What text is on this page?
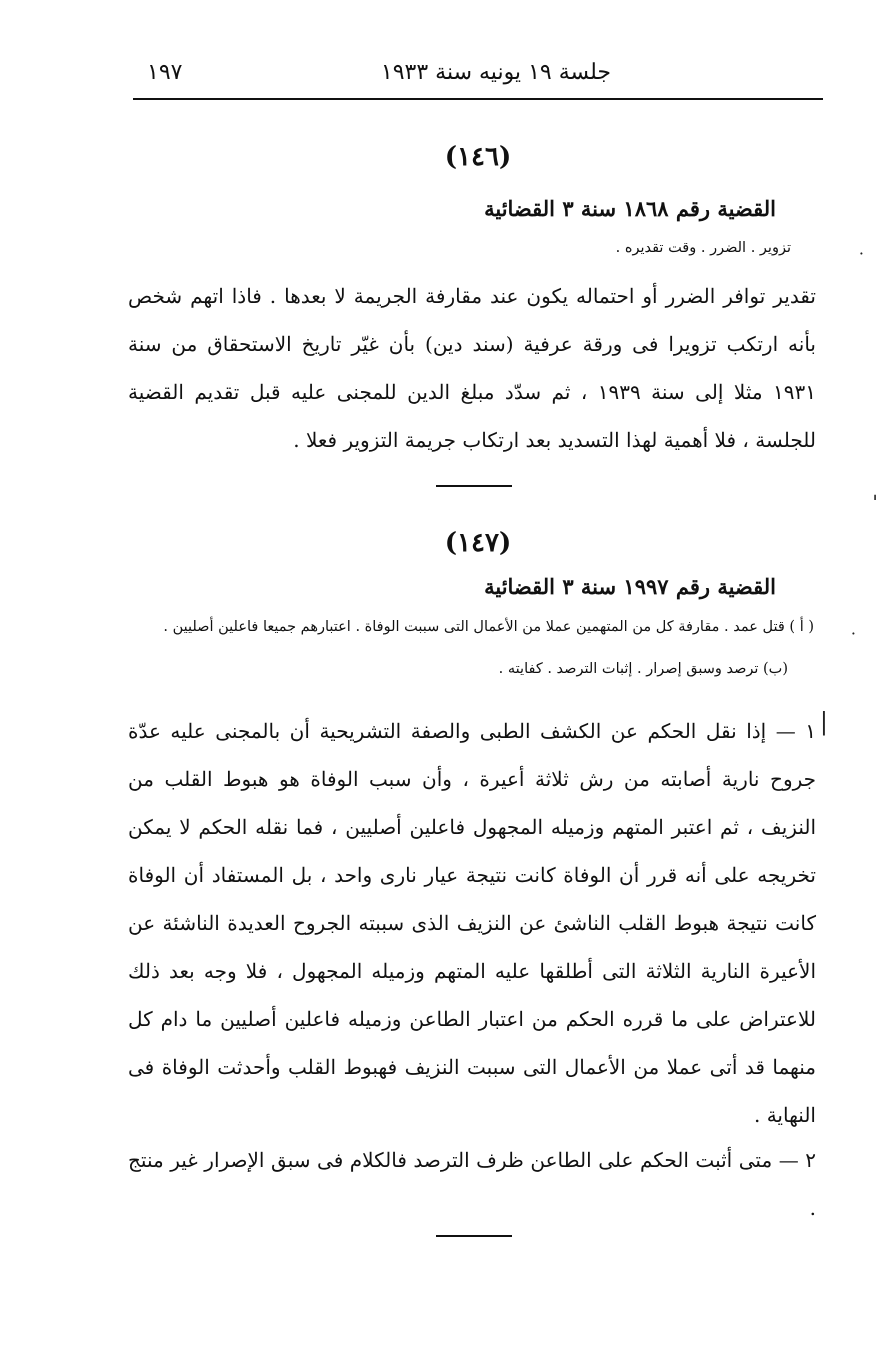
جلسة ١٩ يونيه سنة ١٩٣٣
١٩٧
(١٤٦)
القضية رقم ١٨٦٨ سنة ٣ القضائية
تزوير . الضرر . وقت تقديره .
تقدير توافر الضرر أو احتماله يكون عند مقارفة الجريمة لا بعدها . فاذا اتهم شخص بأنه ارتكب تزويرا فى ورقة عرفية (سند دين) بأن غيّر تاريخ الاستحقاق من سنة ١٩٣١ مثلا إلى سنة ١٩٣٩ ، ثم سدّد مبلغ الدين للمجنى عليه قبل تقديم القضية للجلسة ، فلا أهمية لهذا التسديد بعد ارتكاب جريمة التزوير فعلا .
(١٤٧)
القضية رقم ١٩٩٧ سنة ٣ القضائية
( أ ) قتل عمد . مقارفة كل من المتهمين عملا من الأعمال التى سببت الوفاة . اعتبارهم جميعا فاعلين أصليين .
(ب) ترصد وسبق إصرار . إثبات الترصد . كفايته .
١ — إذا نقل الحكم عن الكشف الطبى والصفة التشريحية أن بالمجنى عليه عدّة جروح نارية أصابته من رش ثلاثة أعيرة ، وأن سبب الوفاة هو هبوط القلب من النزيف ، ثم اعتبر المتهم وزميله المجهول فاعلين أصليين ، فما نقله الحكم لا يمكن تخريجه على أنه قرر أن الوفاة كانت نتيجة عيار نارى واحد ، بل المستفاد أن الوفاة كانت نتيجة هبوط القلب الناشئ عن النزيف الذى سببته الجروح العديدة الناشئة عن الأعيرة النارية الثلاثة التى أطلقها عليه المتهم وزميله المجهول ، فلا وجه بعد ذلك للاعتراض على ما قرره الحكم من اعتبار الطاعن وزميله فاعلين أصليين ما دام كل منهما قد أتى عملا من الأعمال التى سببت النزيف فهبوط القلب وأحدثت الوفاة فى النهاية .
٢ — متى أثبت الحكم على الطاعن ظرف الترصد فالكلام فى سبق الإصرار غير منتج .
·
ˌ
·
|
